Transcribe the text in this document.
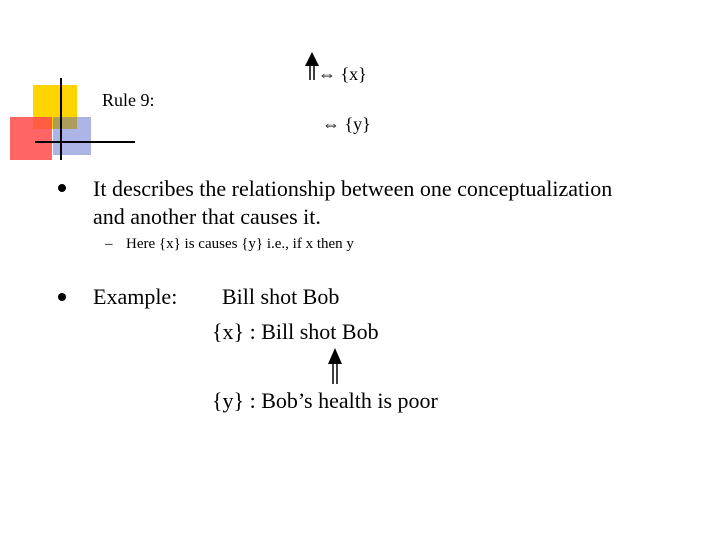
Rule 9:
⇔ {x}
⇔ {y}
It describes the relationship between one conceptualization
and another that causes it.
– Here {x} is causes {y} i.e., if x then y
Example: Bill shot Bob
{x} : Bill shot Bob
{y} : Bob’s health is poor
